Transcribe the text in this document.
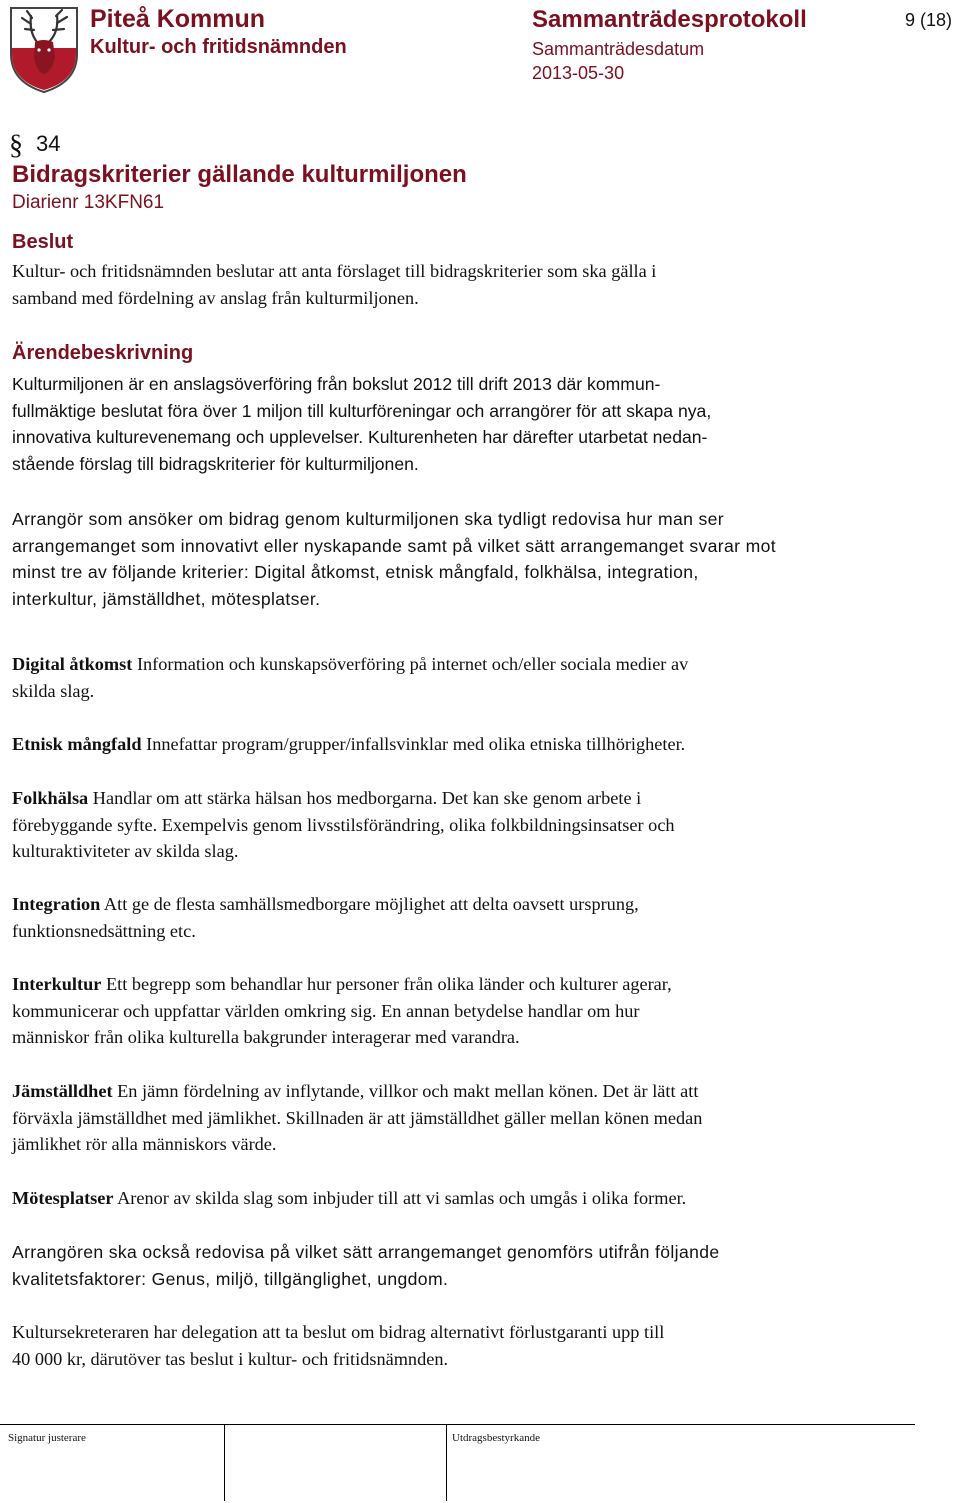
Piteå Kommun
Kultur- och fritidsnämnden
Sammanträdesprotokoll
Sammanträdesdatum
2013-05-30
9 (18)
§ 34
Bidragskriterier gällande kulturmiljonen
Diarienr 13KFN61
Beslut
Kultur- och fritidsnämnden beslutar att anta förslaget till bidragskriterier som ska gälla i
samband med fördelning av anslag från kulturmiljonen.
Ärendebeskrivning
Kulturmiljonen är en anslagsöverföring från bokslut 2012 till drift 2013 där kommun-
fullmäktige beslutat föra över 1 miljon till kulturföreningar och arrangörer för att skapa nya,
innovativa kulturevenemang och upplevelser. Kulturenheten har därefter utarbetat nedan-
stående förslag till bidragskriterier för kulturmiljonen.
Arrangör som ansöker om bidrag genom kulturmiljonen ska tydligt redovisa hur man ser
arrangemanget som innovativt eller nyskapande samt på vilket sätt arrangemanget svarar mot
minst tre av följande kriterier: Digital åtkomst, etnisk mångfald, folkhälsa, integration,
interkultur, jämställdhet, mötesplatser.
Digital åtkomst Information och kunskapsöverföring på internet och/eller sociala medier av
skilda slag.
Etnisk mångfald Innefattar program/grupper/infallsvinklar med olika etniska tillhörigheter.
Folkhälsa Handlar om att stärka hälsan hos medborgarna. Det kan ske genom arbete i
förebyggande syfte. Exempelvis genom livsstilsförändring, olika folkbildningsinsatser och
kulturaktiviteter av skilda slag.
Integration Att ge de flesta samhällsmedborgare möjlighet att delta oavsett ursprung,
funktionsnedsättning etc.
Interkultur Ett begrepp som behandlar hur personer från olika länder och kulturer agerar,
kommunicerar och uppfattar världen omkring sig. En annan betydelse handlar om hur
människor från olika kulturella bakgrunder interagerar med varandra.
Jämställdhet En jämn fördelning av inflytande, villkor och makt mellan könen. Det är lätt att
förväxla jämställdhet med jämlikhet. Skillnaden är att jämställdhet gäller mellan könen medan
jämlikhet rör alla människors värde.
Mötesplatser Arenor av skilda slag som inbjuder till att vi samlas och umgås i olika former.
Arrangören ska också redovisa på vilket sätt arrangemanget genomförs utifrån följande
kvalitetsfaktorer: Genus, miljö, tillgänglighet, ungdom.
Kultursekreteraren har delegation att ta beslut om bidrag alternativt förlustgaranti upp till
40 000 kr, därutöver tas beslut i kultur- och fritidsnämnden.
Signatur justerare	Utdragsbestyrkande
